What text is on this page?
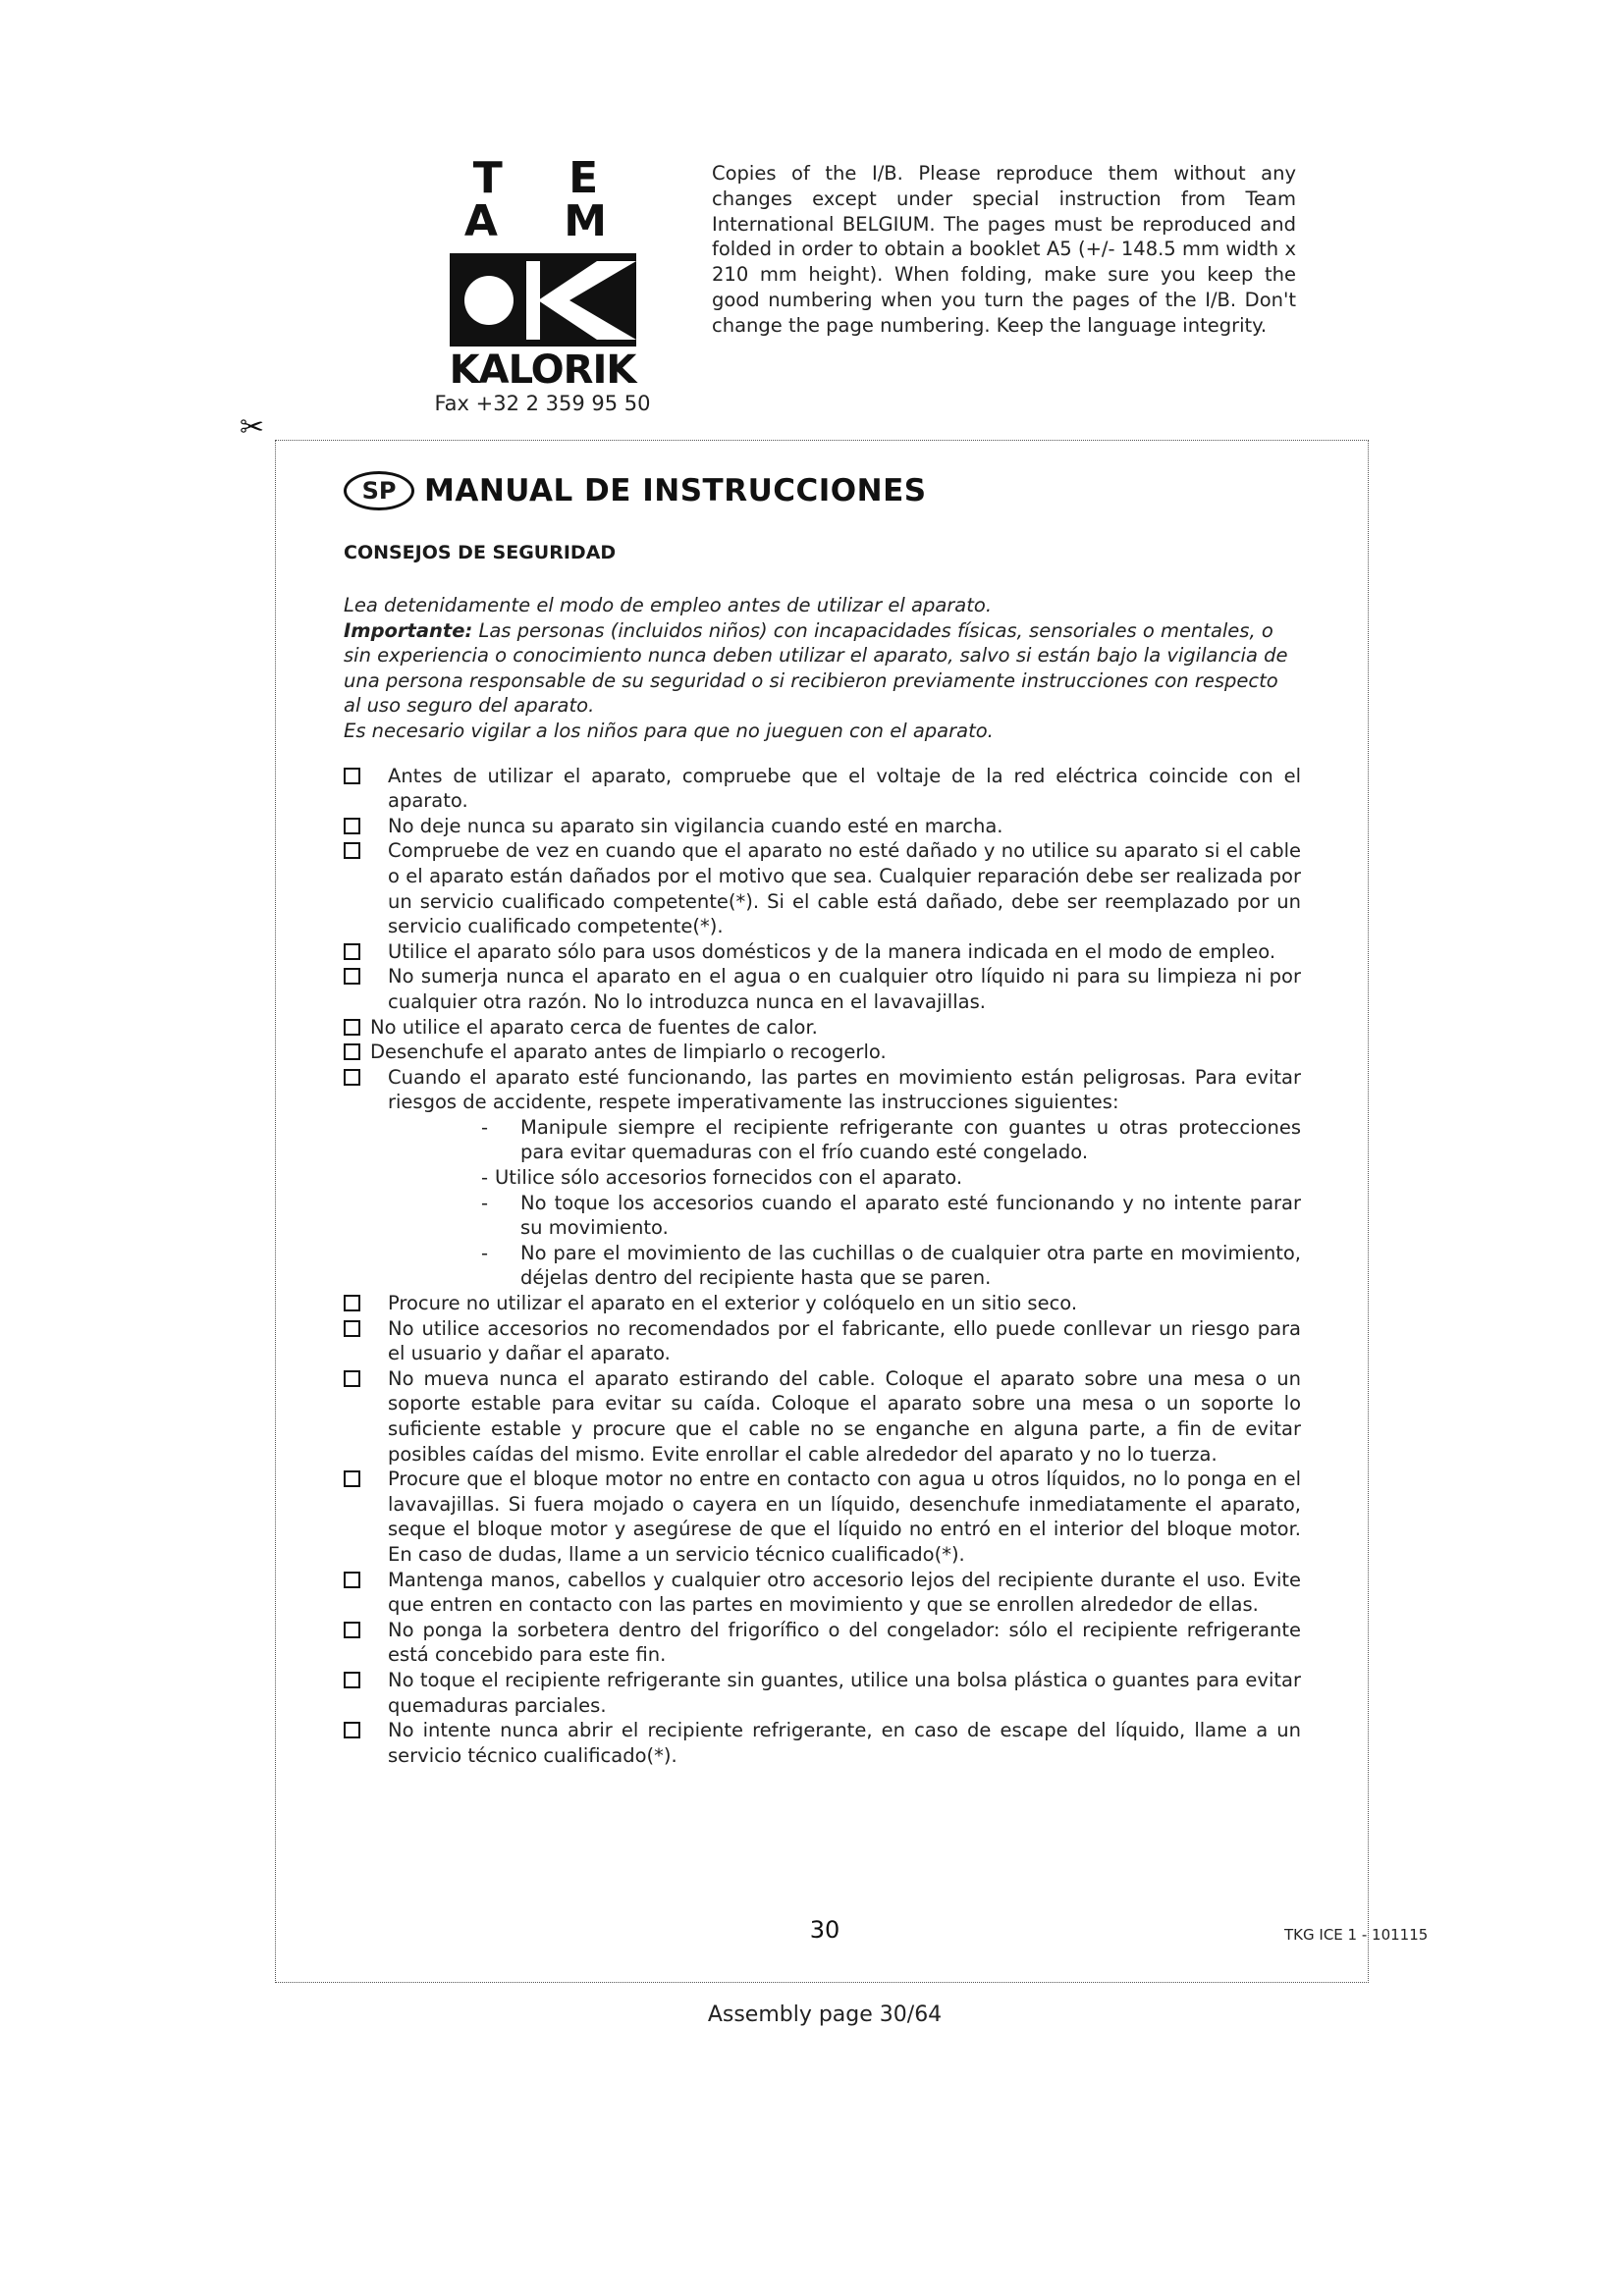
T E A M
KALORIK
Fax +32 2 359 95 50
Copies of the I/B. Please reproduce them without any changes except under special instruction from Team International BELGIUM. The pages must be reproduced and folded in order to obtain a booklet A5 (+/- 148.5 mm width x 210 mm height). When folding, make sure you keep the good numbering when you turn the pages of the I/B. Don't change the page numbering. Keep the language integrity.
✂
SP MANUAL DE INSTRUCCIONES
CONSEJOS DE SEGURIDAD
Lea detenidamente el modo de empleo antes de utilizar el aparato.
Importante: Las personas (incluidos niños) con incapacidades físicas, sensoriales o mentales, o sin experiencia o conocimiento nunca deben utilizar el aparato, salvo si están bajo la vigilancia de una persona responsable de su seguridad o si recibieron previamente instrucciones con respecto al uso seguro del aparato.
Es necesario vigilar a los niños para que no jueguen con el aparato.
Antes de utilizar el aparato, compruebe que el voltaje de la red eléctrica coincide con el aparato.
No deje nunca su aparato sin vigilancia cuando esté en marcha.
Compruebe de vez en cuando que el aparato no esté dañado y no utilice su aparato si el cable o el aparato están dañados por el motivo que sea. Cualquier reparación debe ser realizada por un servicio cualificado competente(*). Si el cable está dañado, debe ser reemplazado por un servicio cualificado competente(*).
Utilice el aparato sólo para usos domésticos y de la manera indicada en el modo de empleo.
No sumerja nunca el aparato en el agua o en cualquier otro líquido ni para su limpieza ni por cualquier otra razón. No lo introduzca nunca en el lavavajillas.
No utilice el aparato cerca de fuentes de calor.
Desenchufe el aparato antes de limpiarlo o recogerlo.
Cuando el aparato esté funcionando, las partes en movimiento están peligrosas. Para evitar riesgos de accidente, respete imperativamente las instrucciones siguientes:
-	Manipule siempre el recipiente refrigerante con guantes u otras protecciones para evitar quemaduras con el frío cuando esté congelado.
- Utilice sólo accesorios fornecidos con el aparato.
-	No toque los accesorios cuando el aparato esté funcionando y no intente parar su movimiento.
-	No pare el movimiento de las cuchillas o de cualquier otra parte en movimiento, déjelas dentro del recipiente hasta que se paren.
Procure no utilizar el aparato en el exterior y colóquelo en un sitio seco.
No utilice accesorios no recomendados por el fabricante, ello puede conllevar un riesgo para el usuario y dañar el aparato.
No mueva nunca el aparato estirando del cable. Coloque el aparato sobre una mesa o un soporte estable para evitar su caída. Coloque el aparato sobre una mesa o un soporte lo suficiente estable y procure que el cable no se enganche en alguna parte, a fin de evitar posibles caídas del mismo. Evite enrollar el cable alrededor del aparato y no lo tuerza.
Procure que el bloque motor no entre en contacto con agua u otros líquidos, no lo ponga en el lavavajillas. Si fuera mojado o cayera en un líquido, desenchufe inmediatamente el aparato, seque el bloque motor y asegúrese de que el líquido no entró en el interior del bloque motor. En caso de dudas, llame a un servicio técnico cualificado(*).
Mantenga manos, cabellos y cualquier otro accesorio lejos del recipiente durante el uso. Evite que entren en contacto con las partes en movimiento y que se enrollen alrededor de ellas.
No ponga la sorbetera dentro del frigorífico o del congelador: sólo el recipiente refrigerante está concebido para este fin.
No toque el recipiente refrigerante sin guantes, utilice una bolsa plástica o guantes para evitar quemaduras parciales.
No intente nunca abrir el recipiente refrigerante, en caso de escape del líquido, llame a un servicio técnico cualificado(*).
30	TKG ICE 1 - 101115
Assembly page 30/64
